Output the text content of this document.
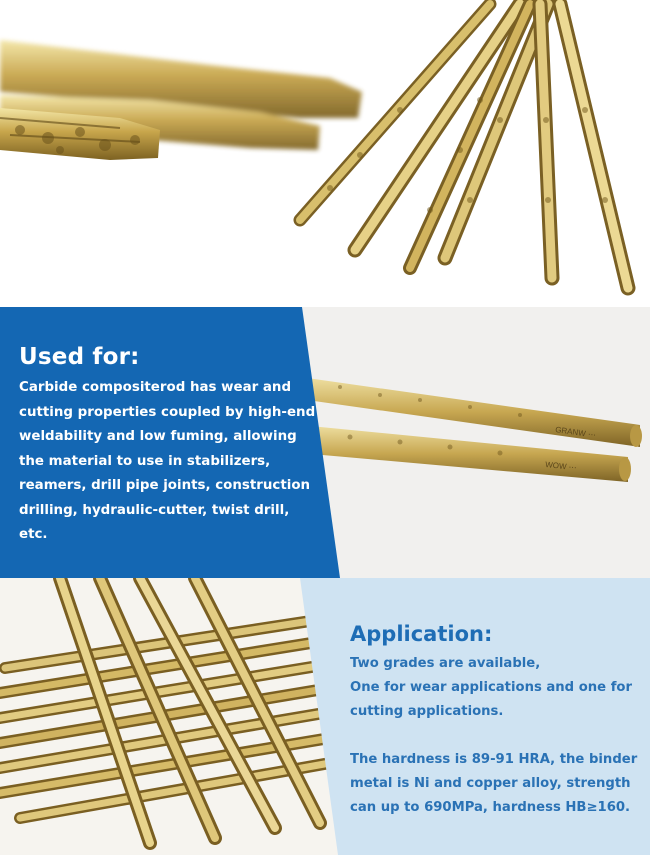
GRANW ⋯
WOW ⋯
Used for:

Carbide compositerod has wear and cutting properties coupled by high-end weldability and low fuming, allowing the material to use in stabilizers, reamers, drill pipe joints, construction drilling, hydraulic-cutter, twist drill, etc.

Application:

Two grades are available,
One for wear applications and one for cutting applications.

The hardness is 89-91 HRA, the binder metal is Ni and copper alloy, strength can up to 690MPa, hardness HB≥160.
